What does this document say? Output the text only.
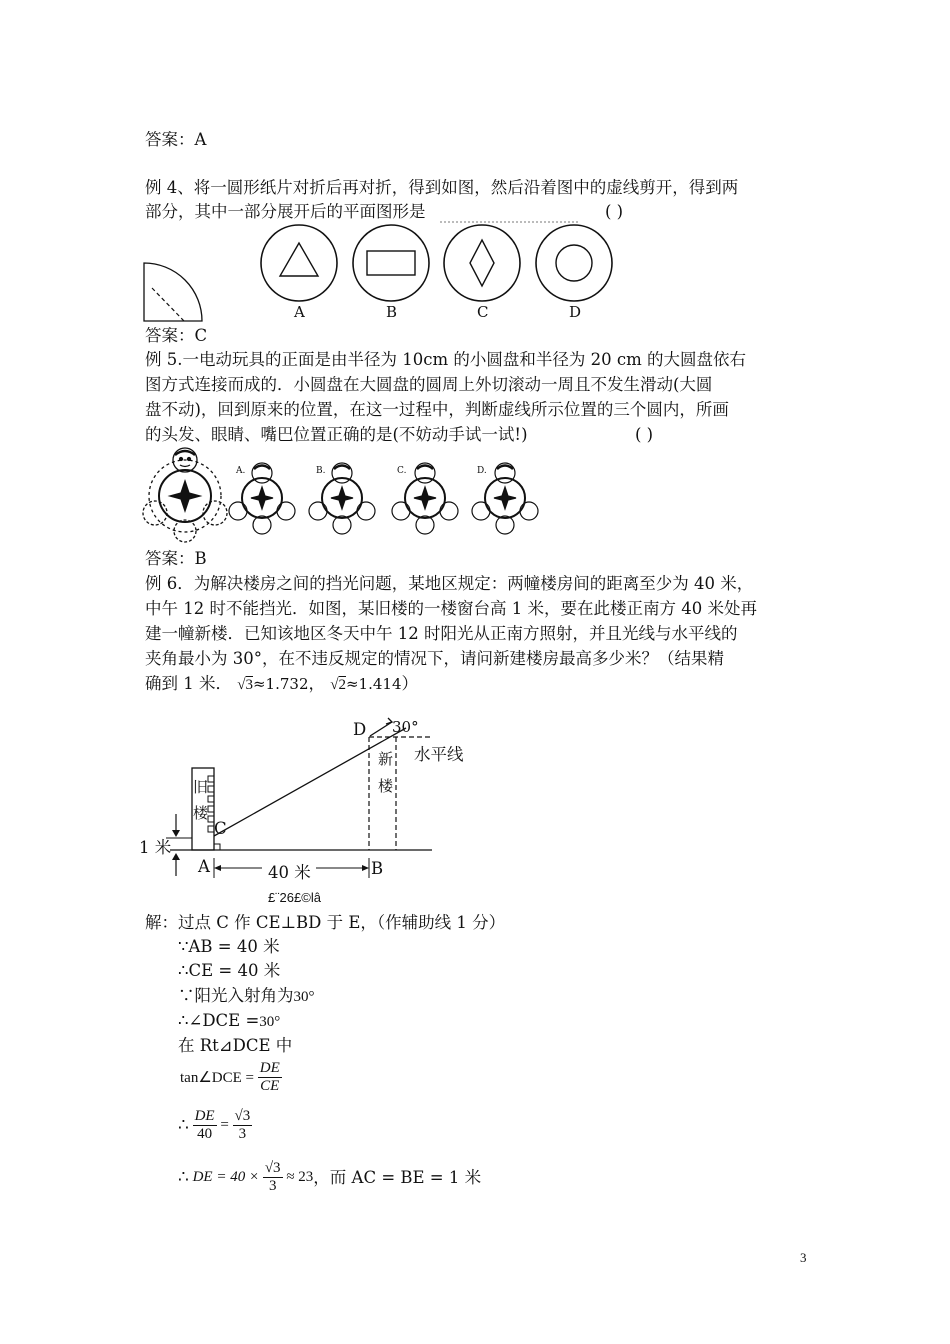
答案：A
例 4、将一圆形纸片对折后再对折，得到如图，然后沿着图中的虚线剪开，得到两
部分，其中一部分展开后的平面图形是	( )
A	B	C	D
答案：C
例 5.一电动玩具的正面是由半径为 10cm 的小圆盘和半径为 20 cm 的大圆盘依右
图方式连接而成的．小圆盘在大圆盘的圆周上外切滚动一周且不发生滑动(大圆
盘不动)，回到原来的位置，在这一过程中，判断虚线所示位置的三个圆内，所画
的头发、眼睛、嘴巴位置正确的是(不妨动手试一试!)	( )
A.	B.	C.	D.
答案：B
例 6．为解决楼房之间的挡光问题，某地区规定：两幢楼房间的距离至少为 40 米，
中午 12 时不能挡光．如图，某旧楼的一楼窗台高 1 米，要在此楼正南方 40 米处再
建一幢新楼．已知该地区冬天中午 12 时阳光从正南方照射，并且光线与水平线的
夹角最小为 30°，在不违反规定的情况下，请问新建楼房最高多少米？（结果精
确到 1 米． √3≈1.732， √2≈1.414）
D 30°
水平线
新
楼
旧
楼
C
1 米
A	B
40 米
£¨26£©lâ
解：过点 C 作 CE⊥BD 于 E，（作辅助线 1 分）
∵AB = 40 米
∴CE = 40 米
∵阳光入射角为30°
∴∠DCE =30°
在 Rt⊿DCE 中
tan∠DCE = $\frac{DE}{CE}$
∴ $\frac{DE}{40} = \frac{√3}{3}$
∴ DE = $40 \times \frac{√3}{3} \approx 23$，而 AC = BE = 1 米
3
